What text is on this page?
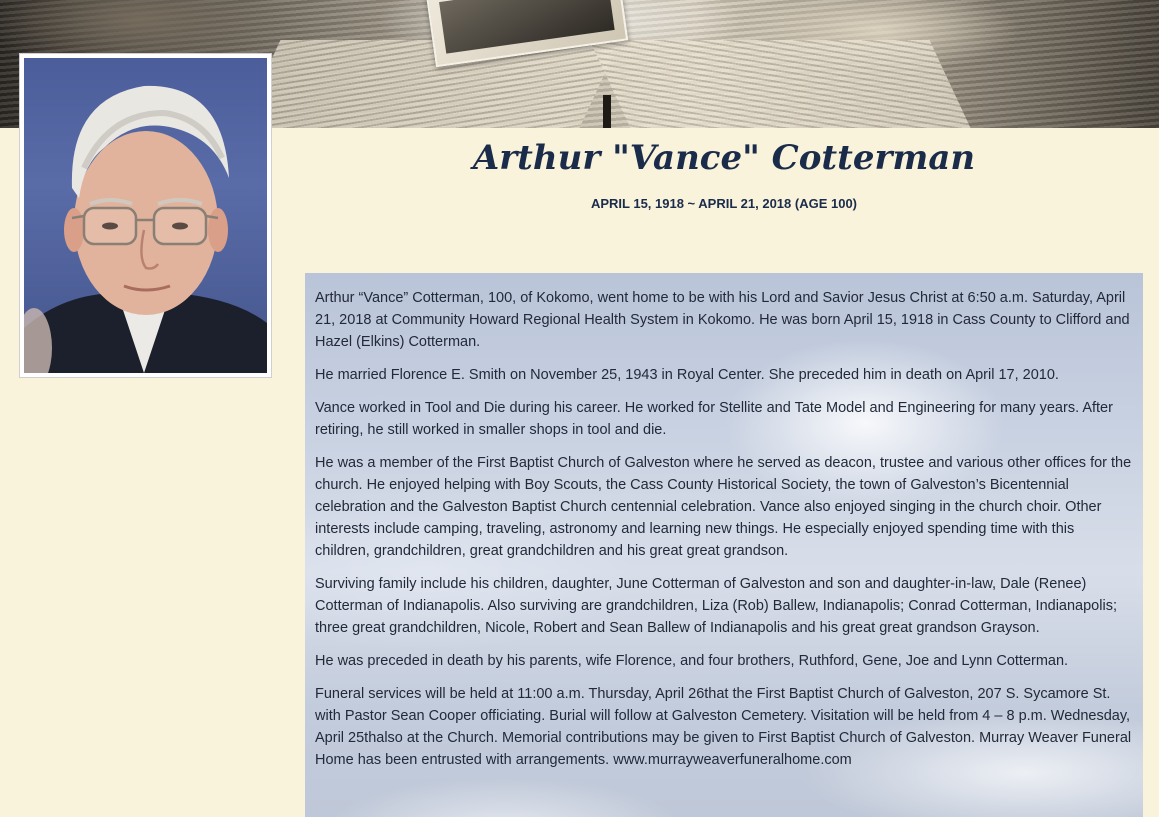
Arthur "Vance" Cotterman
APRIL 15, 1918 ~ APRIL 21, 2018 (AGE 100)

Arthur “Vance” Cotterman, 100, of Kokomo, went home to be with his Lord and Savior Jesus Christ at 6:50 a.m. Saturday, April 21, 2018 at Community Howard Regional Health System in Kokomo. He was born April 15, 1918 in Cass County to Clifford and Hazel (Elkins) Cotterman.

He married Florence E. Smith on November 25, 1943 in Royal Center. She preceded him in death on April 17, 2010.

Vance worked in Tool and Die during his career. He worked for Stellite and Tate Model and Engineering for many years. After retiring, he still worked in smaller shops in tool and die.

He was a member of the First Baptist Church of Galveston where he served as deacon, trustee and various other offices for the church. He enjoyed helping with Boy Scouts, the Cass County Historical Society, the town of Galveston’s Bicentennial celebration and the Galveston Baptist Church centennial celebration. Vance also enjoyed singing in the church choir. Other interests include camping, traveling, astronomy and learning new things. He especially enjoyed spending time with this children, grandchildren, great grandchildren and his great great grandson.

Surviving family include his children, daughter, June Cotterman of Galveston and son and daughter-in-law, Dale (Renee) Cotterman of Indianapolis. Also surviving are grandchildren, Liza (Rob) Ballew, Indianapolis; Conrad Cotterman, Indianapolis; three great grandchildren, Nicole, Robert and Sean Ballew of Indianapolis and his great great grandson Grayson.

He was preceded in death by his parents, wife Florence, and four brothers, Ruthford, Gene, Joe and Lynn Cotterman.

Funeral services will be held at 11:00 a.m. Thursday, April 26that the First Baptist Church of Galveston, 207 S. Sycamore St. with Pastor Sean Cooper officiating. Burial will follow at Galveston Cemetery. Visitation will be held from 4 – 8 p.m. Wednesday, April 25thalso at the Church. Memorial contributions may be given to First Baptist Church of Galveston. Murray Weaver Funeral Home has been entrusted with arrangements. www.murrayweaverfuneralhome.com
